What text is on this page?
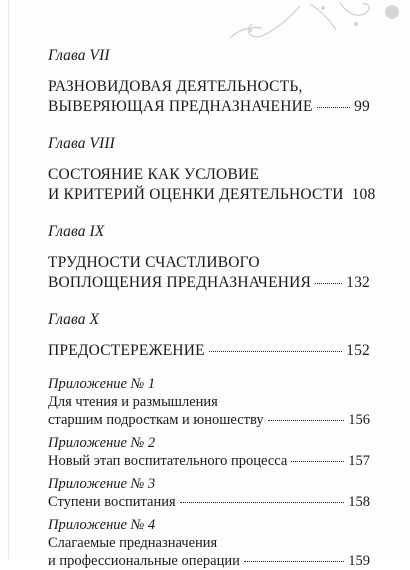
Глава VII
РАЗНОВИДОВАЯ ДЕЯТЕЛЬНОСТЬ,
ВЫВЕРЯЮЩАЯ ПРЕДНАЗНАЧЕНИЕ	99
Глава VIII
СОСТОЯНИЕ КАК УСЛОВИЕ
И КРИТЕРИЙ ОЦЕНКИ ДЕЯТЕЛЬНОСТИ 108
Глава IX
ТРУДНОСТИ СЧАСТЛИВОГО
ВОПЛОЩЕНИЯ ПРЕДНАЗНАЧЕНИЯ 132
Глава X
ПРЕДОСТЕРЕЖЕНИЕ	152
Приложение № 1
Для чтения и размышления
старшим подросткам и юношеству	156
Приложение № 2
Новый этап воспитательного процесса	157
Приложение № 3
Ступени воспитания	158
Приложение № 4
Слагаемые предназначения
и профессиональные операции	159
